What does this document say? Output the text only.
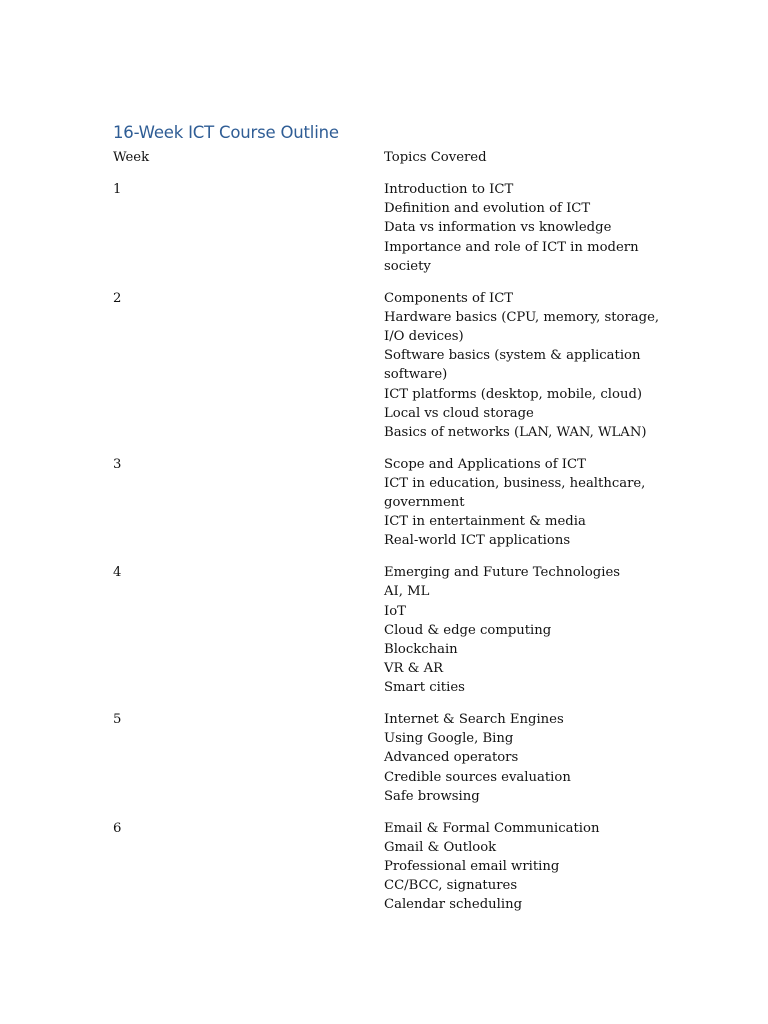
16-Week ICT Course Outline
Week	Topics Covered
1	Introduction to ICT
Definition and evolution of ICT
Data vs information vs knowledge
Importance and role of ICT in modern
society
2	Components of ICT
Hardware basics (CPU, memory, storage,
I/O devices)
Software basics (system & application
software)
ICT platforms (desktop, mobile, cloud)
Local vs cloud storage
Basics of networks (LAN, WAN, WLAN)
3	Scope and Applications of ICT
ICT in education, business, healthcare,
government
ICT in entertainment & media
Real-world ICT applications
4	Emerging and Future Technologies
AI, ML
IoT
Cloud & edge computing
Blockchain
VR & AR
Smart cities
5	Internet & Search Engines
Using Google, Bing
Advanced operators
Credible sources evaluation
Safe browsing
6	Email & Formal Communication
Gmail & Outlook
Professional email writing
CC/BCC, signatures
Calendar scheduling
